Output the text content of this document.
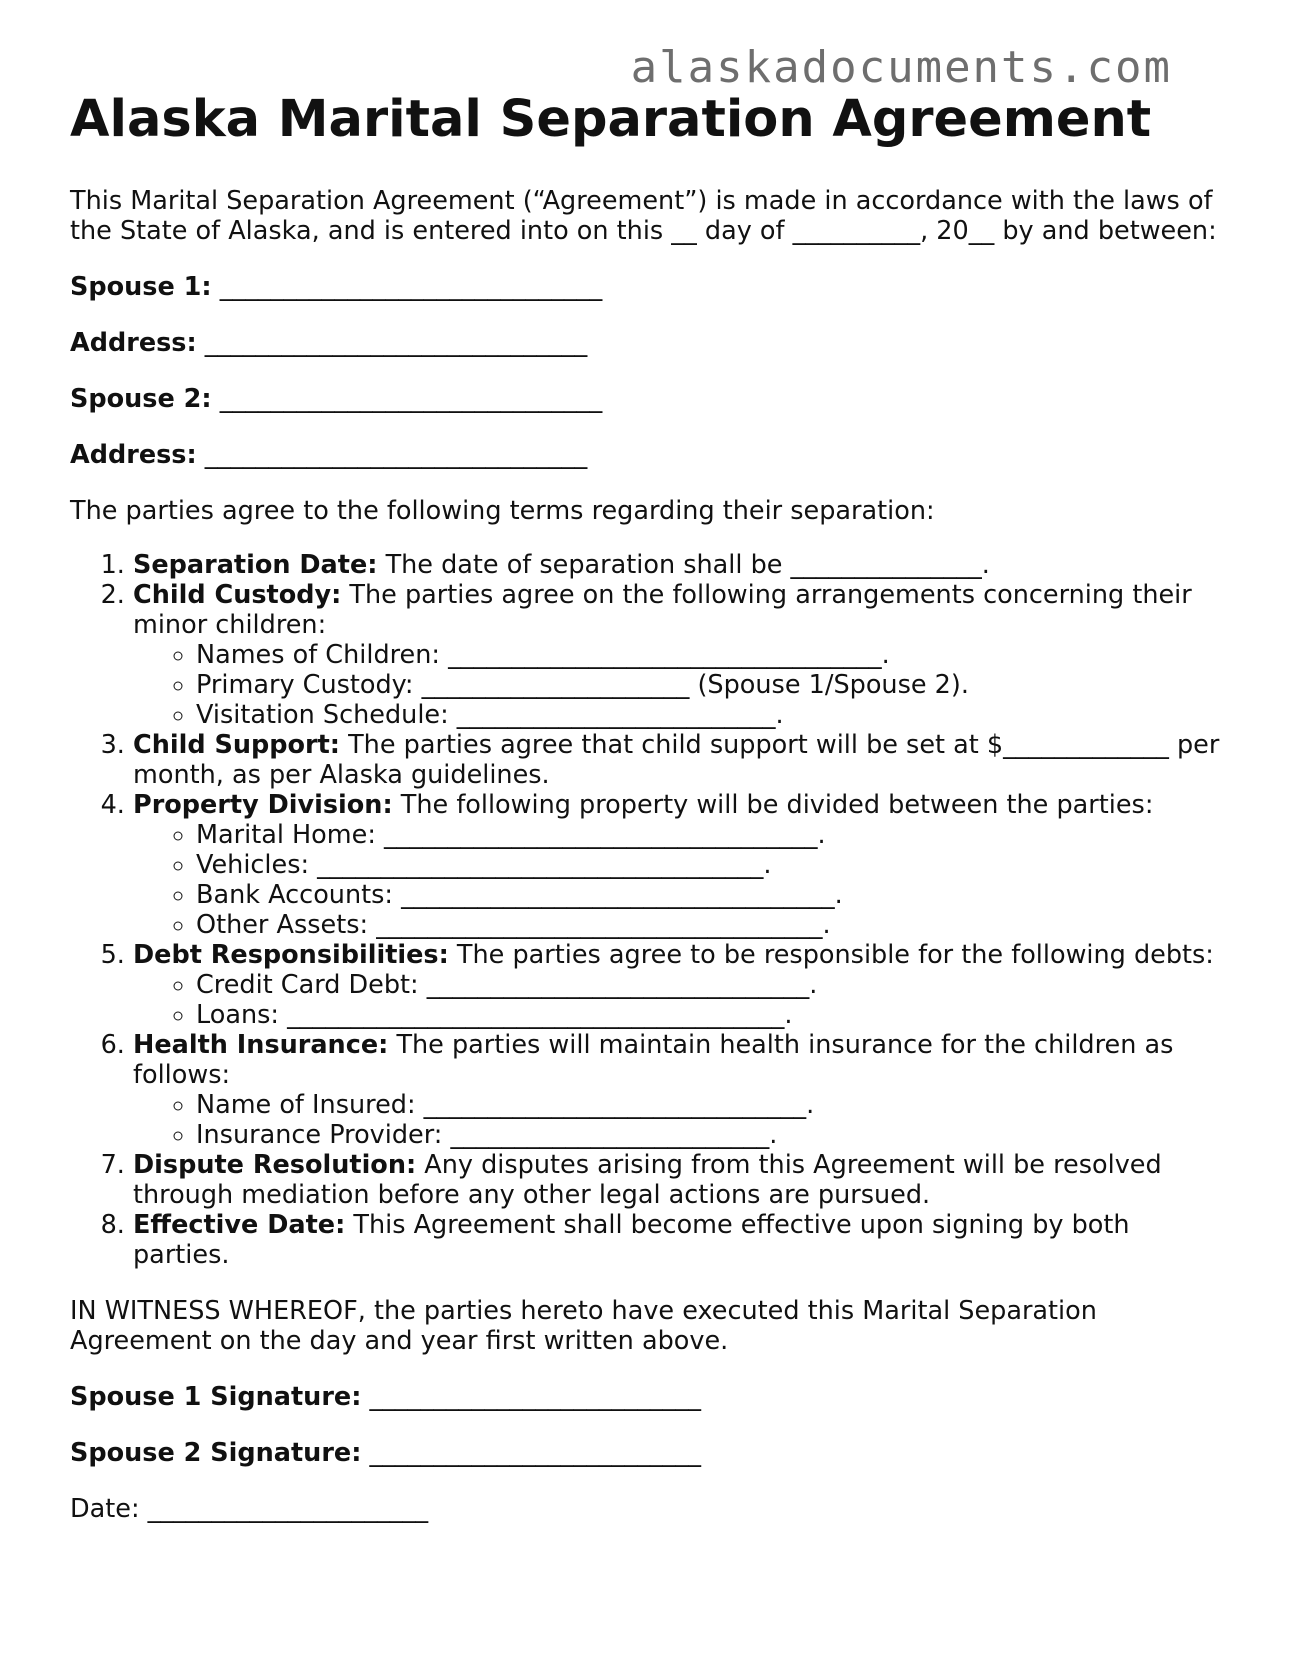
alaskadocuments.com
Alaska Marital Separation Agreement

This Marital Separation Agreement (“Agreement”) is made in accordance with the laws of the State of Alaska, and is entered into on this __ day of __________, 20__ by and between:

Spouse 1: ______________________________

Address: ______________________________

Spouse 2: ______________________________

Address: ______________________________

The parties agree to the following terms regarding their separation:

1. Separation Date: The date of separation shall be _______________.
2. Child Custody: The parties agree on the following arrangements concerning their minor children:
◦ Names of Children: __________________________________.
◦ Primary Custody: _____________________ (Spouse 1/Spouse 2).
◦ Visitation Schedule: _________________________.
3. Child Support: The parties agree that child support will be set at $_____________ per month, as per Alaska guidelines.
4. Property Division: The following property will be divided between the parties:
◦ Marital Home: __________________________________.
◦ Vehicles: ___________________________________.
◦ Bank Accounts: __________________________________.
◦ Other Assets: ___________________________________.
5. Debt Responsibilities: The parties agree to be responsible for the following debts:
◦ Credit Card Debt: ______________________________.
◦ Loans: _______________________________________.
6. Health Insurance: The parties will maintain health insurance for the children as follows:
◦ Name of Insured: ______________________________.
◦ Insurance Provider: _________________________.
7. Dispute Resolution: Any disputes arising from this Agreement will be resolved through mediation before any other legal actions are pursued.
8. Effective Date: This Agreement shall become effective upon signing by both parties.

IN WITNESS WHEREOF, the parties hereto have executed this Marital Separation Agreement on the day and year first written above.

Spouse 1 Signature: __________________________

Spouse 2 Signature: __________________________

Date: ______________________
